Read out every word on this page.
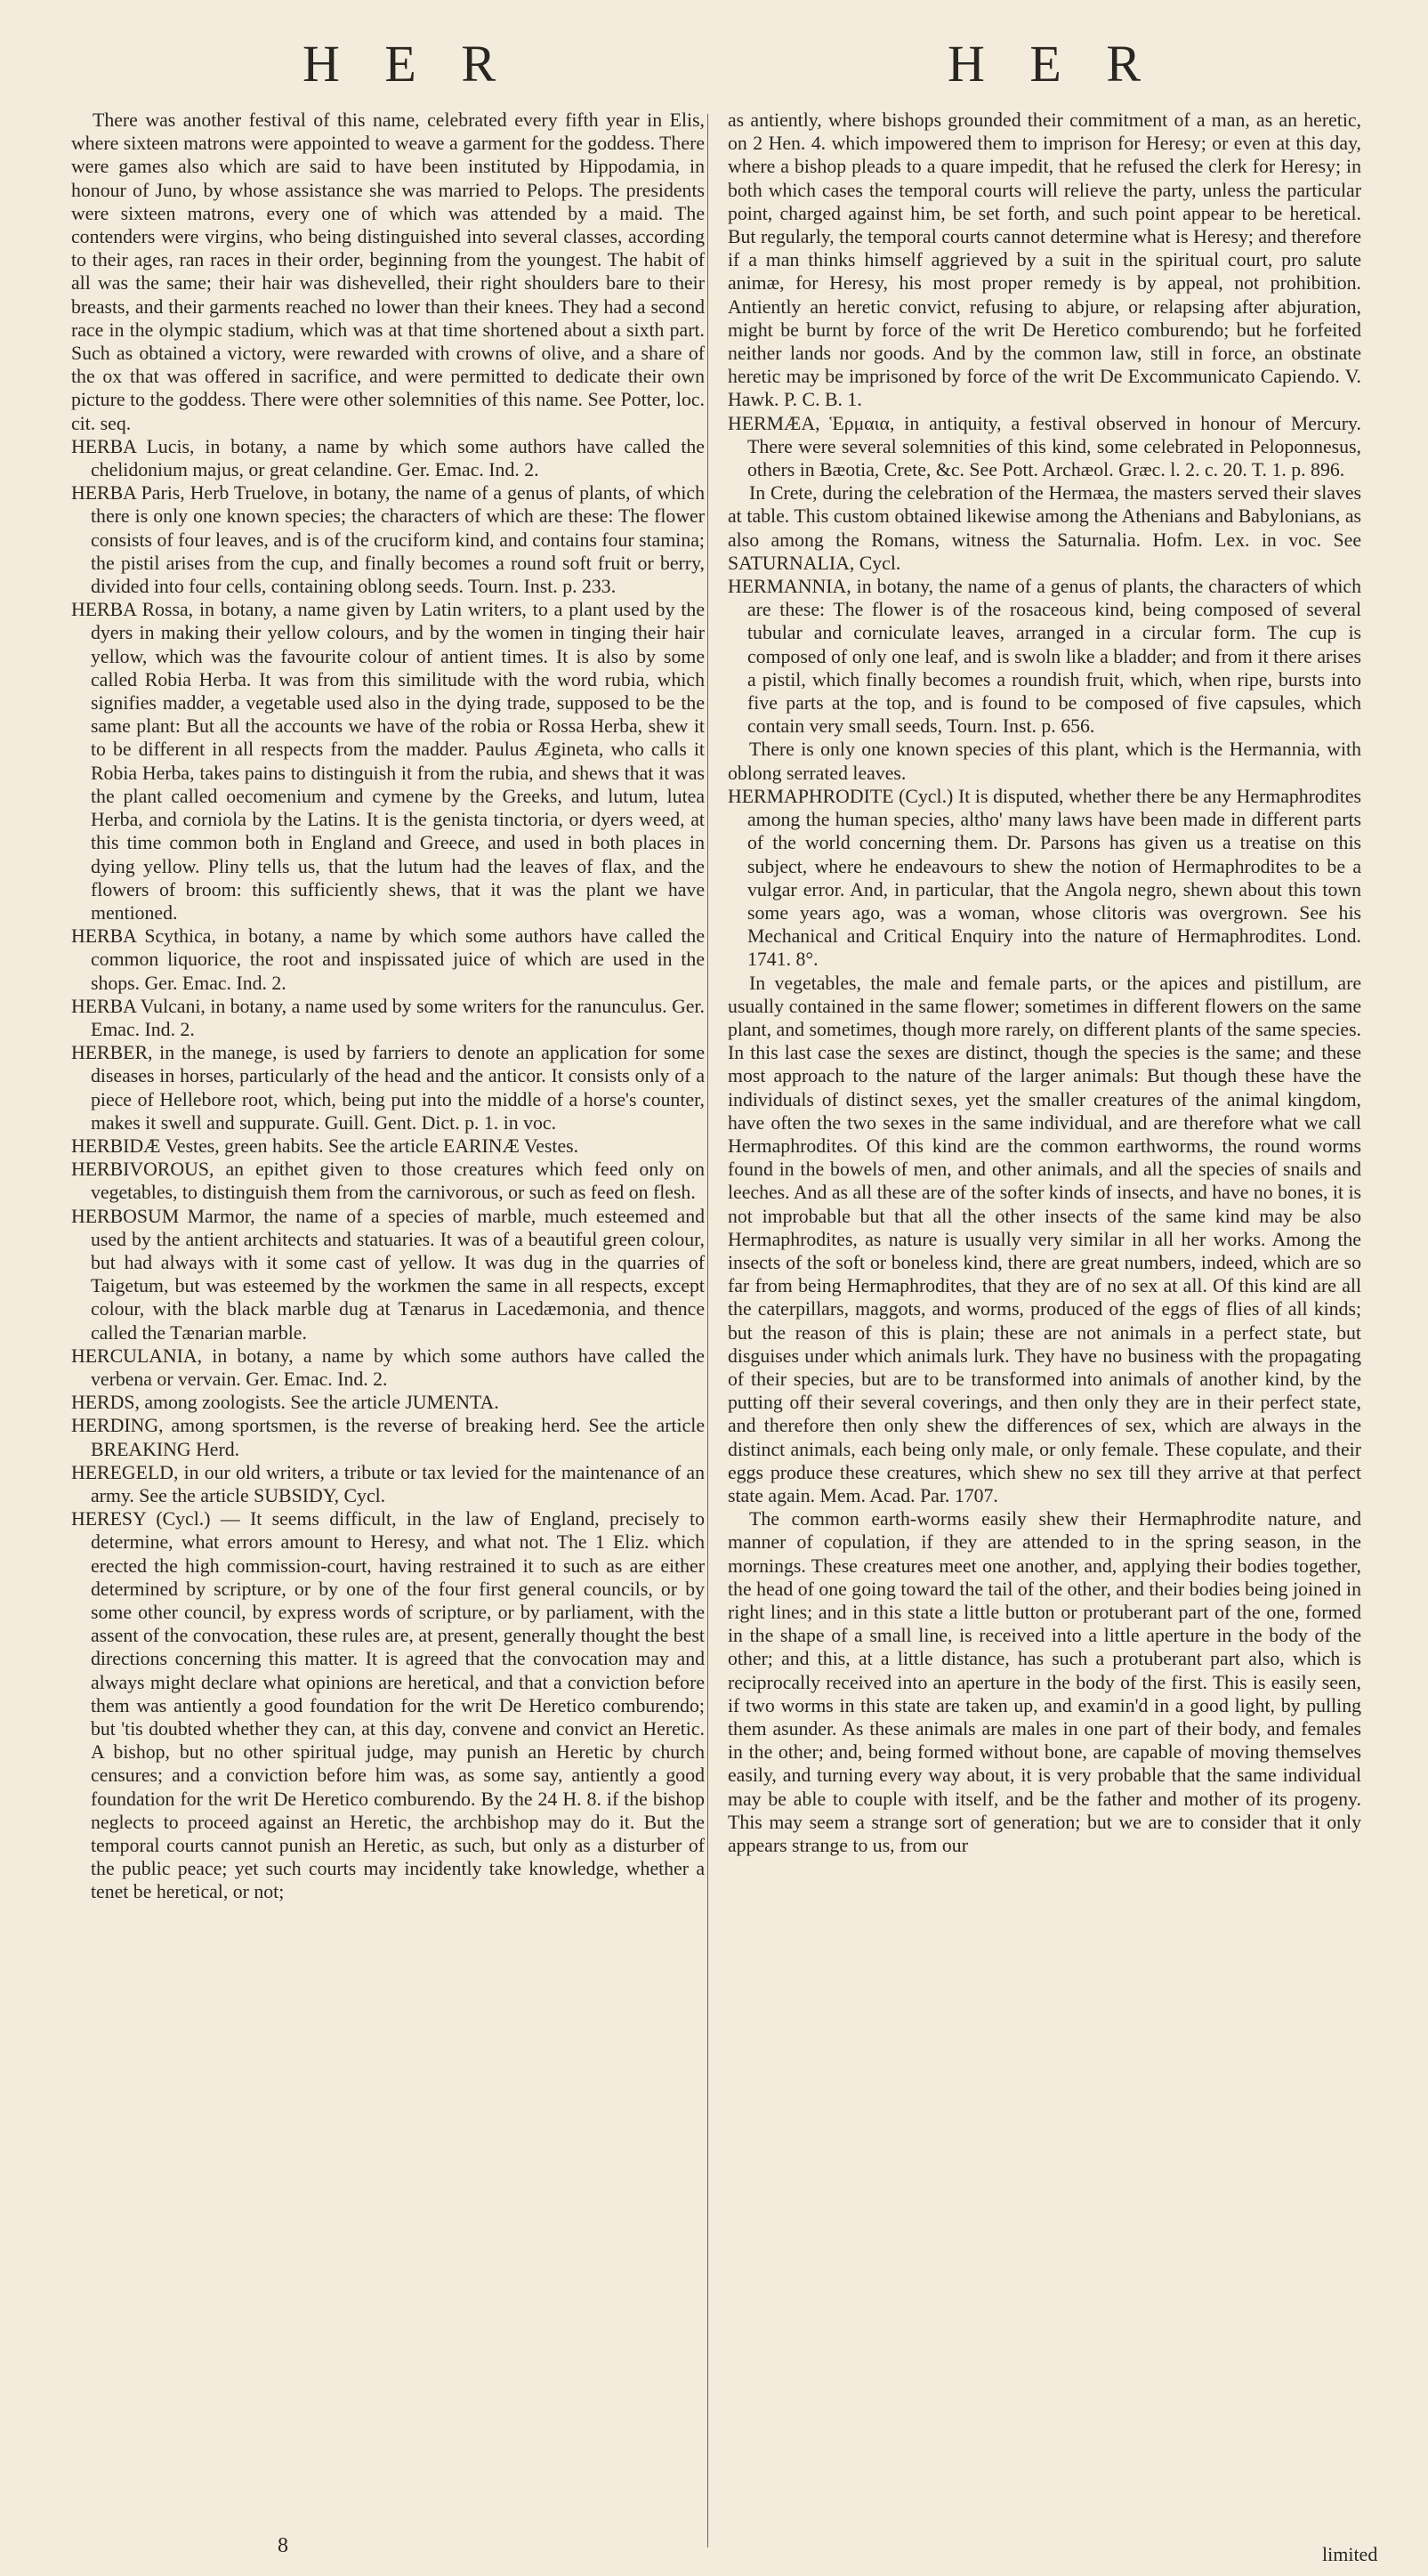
H E R	H E R

There was another festival of this name, celebrated every fifth year in Elis, where sixteen matrons were appointed to weave a garment for the goddess. There were games also which are said to have been instituted by Hippodamia, in honour of Juno, by whose assistance she was married to Pelops. The presidents were sixteen matrons, every one of which was attended by a maid. The contenders were virgins, who being distinguished into several classes, according to their ages, ran races in their order, beginning from the youngest. The habit of all was the same; their hair was dishevelled, their right shoulders bare to their breasts, and their garments reached no lower than their knees. They had a second race in the olympic stadium, which was at that time shortened about a sixth part. Such as obtained a victory, were rewarded with crowns of olive, and a share of the ox that was offered in sacrifice, and were permitted to dedicate their own picture to the goddess. There were other solemnities of this name. See Potter, loc. cit. seq.

HERBA Lucis, in botany, a name by which some authors have called the chelidonium majus, or great celandine. Ger. Emac. Ind. 2.

HERBA Paris, Herb Truelove, in botany, the name of a genus of plants, of which there is only one known species; the characters of which are these: The flower consists of four leaves, and is of the cruciform kind, and contains four stamina; the pistil arises from the cup, and finally becomes a round soft fruit or berry, divided into four cells, containing oblong seeds. Tourn. Inst. p. 233.

HERBA Rossa, in botany, a name given by Latin writers, to a plant used by the dyers in making their yellow colours, and by the women in tinging their hair yellow, which was the favourite colour of antient times. It is also by some called Robia Herba. It was from this similitude with the word rubia, which signifies madder, a vegetable used also in the dying trade, supposed to be the same plant: But all the accounts we have of the robia or Rossa Herba, shew it to be different in all respects from the madder. Paulus Ægineta, who calls it Robia Herba, takes pains to distinguish it from the rubia, and shews that it was the plant called oecomenium and cymene by the Greeks, and lutum, lutea Herba, and corniola by the Latins. It is the genista tinctoria, or dyers weed, at this time common both in England and Greece, and used in both places in dying yellow. Pliny tells us, that the lutum had the leaves of flax, and the flowers of broom: this sufficiently shews, that it was the plant we have mentioned.

HERBA Scythica, in botany, a name by which some authors have called the common liquorice, the root and inspissated juice of which are used in the shops. Ger. Emac. Ind. 2.

HERBA Vulcani, in botany, a name used by some writers for the ranunculus. Ger. Emac. Ind. 2.

HERBER, in the manege, is used by farriers to denote an application for some diseases in horses, particularly of the head and the anticor. It consists only of a piece of Hellebore root, which, being put into the middle of a horse's counter, makes it swell and suppurate. Guill. Gent. Dict. p. 1. in voc.

HERBIDÆ Vestes, green habits. See the article EARINÆ Vestes.

HERBIVOROUS, an epithet given to those creatures which feed only on vegetables, to distinguish them from the carnivorous, or such as feed on flesh.

HERBOSUM Marmor, the name of a species of marble, much esteemed and used by the antient architects and statuaries. It was of a beautiful green colour, but had always with it some cast of yellow. It was dug in the quarries of Taigetum, but was esteemed by the workmen the same in all respects, except colour, with the black marble dug at Tænarus in Lacedæmonia, and thence called the Tænarian marble.

HERCULANIA, in botany, a name by which some authors have called the verbena or vervain. Ger. Emac. Ind. 2.

HERDS, among zoologists. See the article JUMENTA.

HERDING, among sportsmen, is the reverse of breaking herd. See the article BREAKING Herd.

HEREGELD, in our old writers, a tribute or tax levied for the maintenance of an army. See the article SUBSIDY, Cycl.

HERESY (Cycl.) — It seems difficult, in the law of England, precisely to determine, what errors amount to Heresy, and what not. The 1 Eliz. which erected the high commission-court, having restrained it to such as are either determined by scripture, or by one of the four first general councils, or by some other council, by express words of scripture, or by parliament, with the assent of the convocation, these rules are, at present, generally thought the best directions concerning this matter. It is agreed that the convocation may and always might declare what opinions are heretical, and that a conviction before them was antiently a good foundation for the writ De Heretico comburendo; but 'tis doubted whether they can, at this day, convene and convict an Heretic. A bishop, but no other spiritual judge, may punish an Heretic by church censures; and a conviction before him was, as some say, antiently a good foundation for the writ De Heretico comburendo. By the 24 H. 8. if the bishop neglects to proceed against an Heretic, the archbishop may do it. But the temporal courts cannot punish an Heretic, as such, but only as a disturber of the public peace; yet such courts may incidently take knowledge, whether a tenet be heretical, or not;

as antiently, where bishops grounded their commitment of a man, as an heretic, on 2 Hen. 4. which impowered them to imprison for Heresy; or even at this day, where a bishop pleads to a quare impedit, that he refused the clerk for Heresy; in both which cases the temporal courts will relieve the party, unless the particular point, charged against him, be set forth, and such point appear to be heretical. But regularly, the temporal courts cannot determine what is Heresy; and therefore if a man thinks himself aggrieved by a suit in the spiritual court, pro salute animæ, for Heresy, his most proper remedy is by appeal, not prohibition. Antiently an heretic convict, refusing to abjure, or relapsing after abjuration, might be burnt by force of the writ De Heretico comburendo; but he forfeited neither lands nor goods. And by the common law, still in force, an obstinate heretic may be imprisoned by force of the writ De Excommunicato Capiendo. V. Hawk. P. C. B. 1.

HERMÆA, Ἑρμαια, in antiquity, a festival observed in honour of Mercury. There were several solemnities of this kind, some celebrated in Peloponnesus, others in Bæotia, Crete, &c. See Pott. Archæol. Græc. l. 2. c. 20. T. 1. p. 896.

In Crete, during the celebration of the Hermæa, the masters served their slaves at table. This custom obtained likewise among the Athenians and Babylonians, as also among the Romans, witness the Saturnalia. Hofm. Lex. in voc. See SATURNALIA, Cycl.

HERMANNIA, in botany, the name of a genus of plants, the characters of which are these: The flower is of the rosaceous kind, being composed of several tubular and corniculate leaves, arranged in a circular form. The cup is composed of only one leaf, and is swoln like a bladder; and from it there arises a pistil, which finally becomes a roundish fruit, which, when ripe, bursts into five parts at the top, and is found to be composed of five capsules, which contain very small seeds, Tourn. Inst. p. 656.

There is only one known species of this plant, which is the Hermannia, with oblong serrated leaves.

HERMAPHRODITE (Cycl.) It is disputed, whether there be any Hermaphrodites among the human species, altho' many laws have been made in different parts of the world concerning them. Dr. Parsons has given us a treatise on this subject, where he endeavours to shew the notion of Hermaphrodites to be a vulgar error. And, in particular, that the Angola negro, shewn about this town some years ago, was a woman, whose clitoris was overgrown. See his Mechanical and Critical Enquiry into the nature of Hermaphrodites. Lond. 1741. 8°.

In vegetables, the male and female parts, or the apices and pistillum, are usually contained in the same flower; sometimes in different flowers on the same plant, and sometimes, though more rarely, on different plants of the same species. In this last case the sexes are distinct, though the species is the same; and these most approach to the nature of the larger animals: But though these have the individuals of distinct sexes, yet the smaller creatures of the animal kingdom, have often the two sexes in the same individual, and are therefore what we call Hermaphrodites. Of this kind are the common earthworms, the round worms found in the bowels of men, and other animals, and all the species of snails and leeches. And as all these are of the softer kinds of insects, and have no bones, it is not improbable but that all the other insects of the same kind may be also Hermaphrodites, as nature is usually very similar in all her works. Among the insects of the soft or boneless kind, there are great numbers, indeed, which are so far from being Hermaphrodites, that they are of no sex at all. Of this kind are all the caterpillars, maggots, and worms, produced of the eggs of flies of all kinds; but the reason of this is plain; these are not animals in a perfect state, but disguises under which animals lurk. They have no business with the propagating of their species, but are to be transformed into animals of another kind, by the putting off their several coverings, and then only they are in their perfect state, and therefore then only shew the differences of sex, which are always in the distinct animals, each being only male, or only female. These copulate, and their eggs produce these creatures, which shew no sex till they arrive at that perfect state again. Mem. Acad. Par. 1707.

The common earth-worms easily shew their Hermaphrodite nature, and manner of copulation, if they are attended to in the spring season, in the mornings. These creatures meet one another, and, applying their bodies together, the head of one going toward the tail of the other, and their bodies being joined in right lines; and in this state a little button or protuberant part of the one, formed in the shape of a small line, is received into a little aperture in the body of the other; and this, at a little distance, has such a protuberant part also, which is reciprocally received into an aperture in the body of the first. This is easily seen, if two worms in this state are taken up, and examin'd in a good light, by pulling them asunder. As these animals are males in one part of their body, and females in the other; and, being formed without bone, are capable of moving themselves easily, and turning every way about, it is very probable that the same individual may be able to couple with itself, and be the father and mother of its progeny. This may seem a strange sort of generation; but we are to consider that it only appears strange to us, from our

8	limited
